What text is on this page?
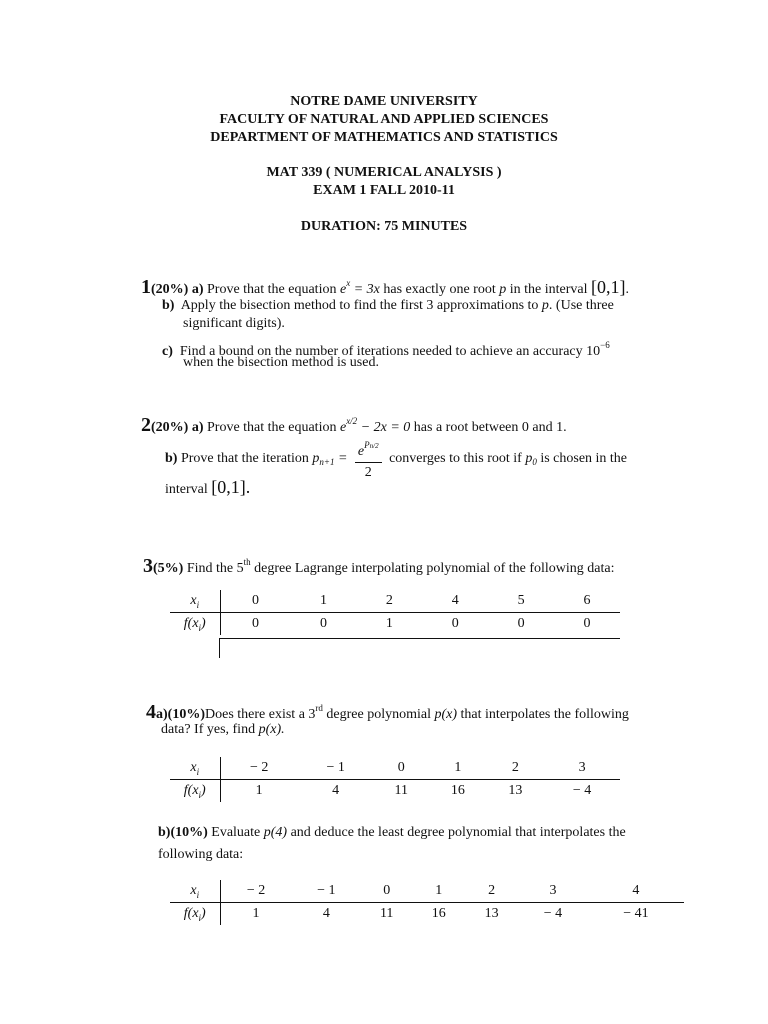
NOTRE DAME UNIVERSITY
FACULTY OF NATURAL AND APPLIED SCIENCES
DEPARTMENT OF MATHEMATICS AND STATISTICS
MAT 339 ( NUMERICAL ANALYSIS )
EXAM 1 FALL 2010-11
DURATION: 75 MINUTES
1(20%) a) Prove that the equation $e^x = 3x$ has exactly one root p in the interval [0,1].
b) Apply the bisection method to find the first 3 approximations to p. (Use three
significant digits).
c) Find a bound on the number of iterations needed to achieve an accuracy $10^{-6}$
when the bisection method is used.
2(20%) a) Prove that the equation $e^{x/2} - 2x = 0$ has a root between 0 and 1.
b) Prove that the iteration $p_{n+1} = \frac{e^{Pn/2}}{2}$ converges to this root if $p_0$ is chosen in the
interval [0,1].
3(5%) Find the 5th degree Lagrange interpolating polynomial of the following data:
$x_i$	0	1	2	4	5	6
$f(x_i)$	0	0	1	0	0	0
4a)(10%)Does there exist a 3rd degree polynomial p(x) that interpolates the following
data? If yes, find p(x).
$x_i$	− 2	− 1	0	1	2	3
$f(x_i)$	1	4	11	16	13	− 4
b)(10%) Evaluate p(4) and deduce the least degree polynomial that interpolates the
following data:
$x_i$	− 2	− 1	0	1	2	3	4
$f(x_i)$	1	4	11	16	13	− 4	− 41
